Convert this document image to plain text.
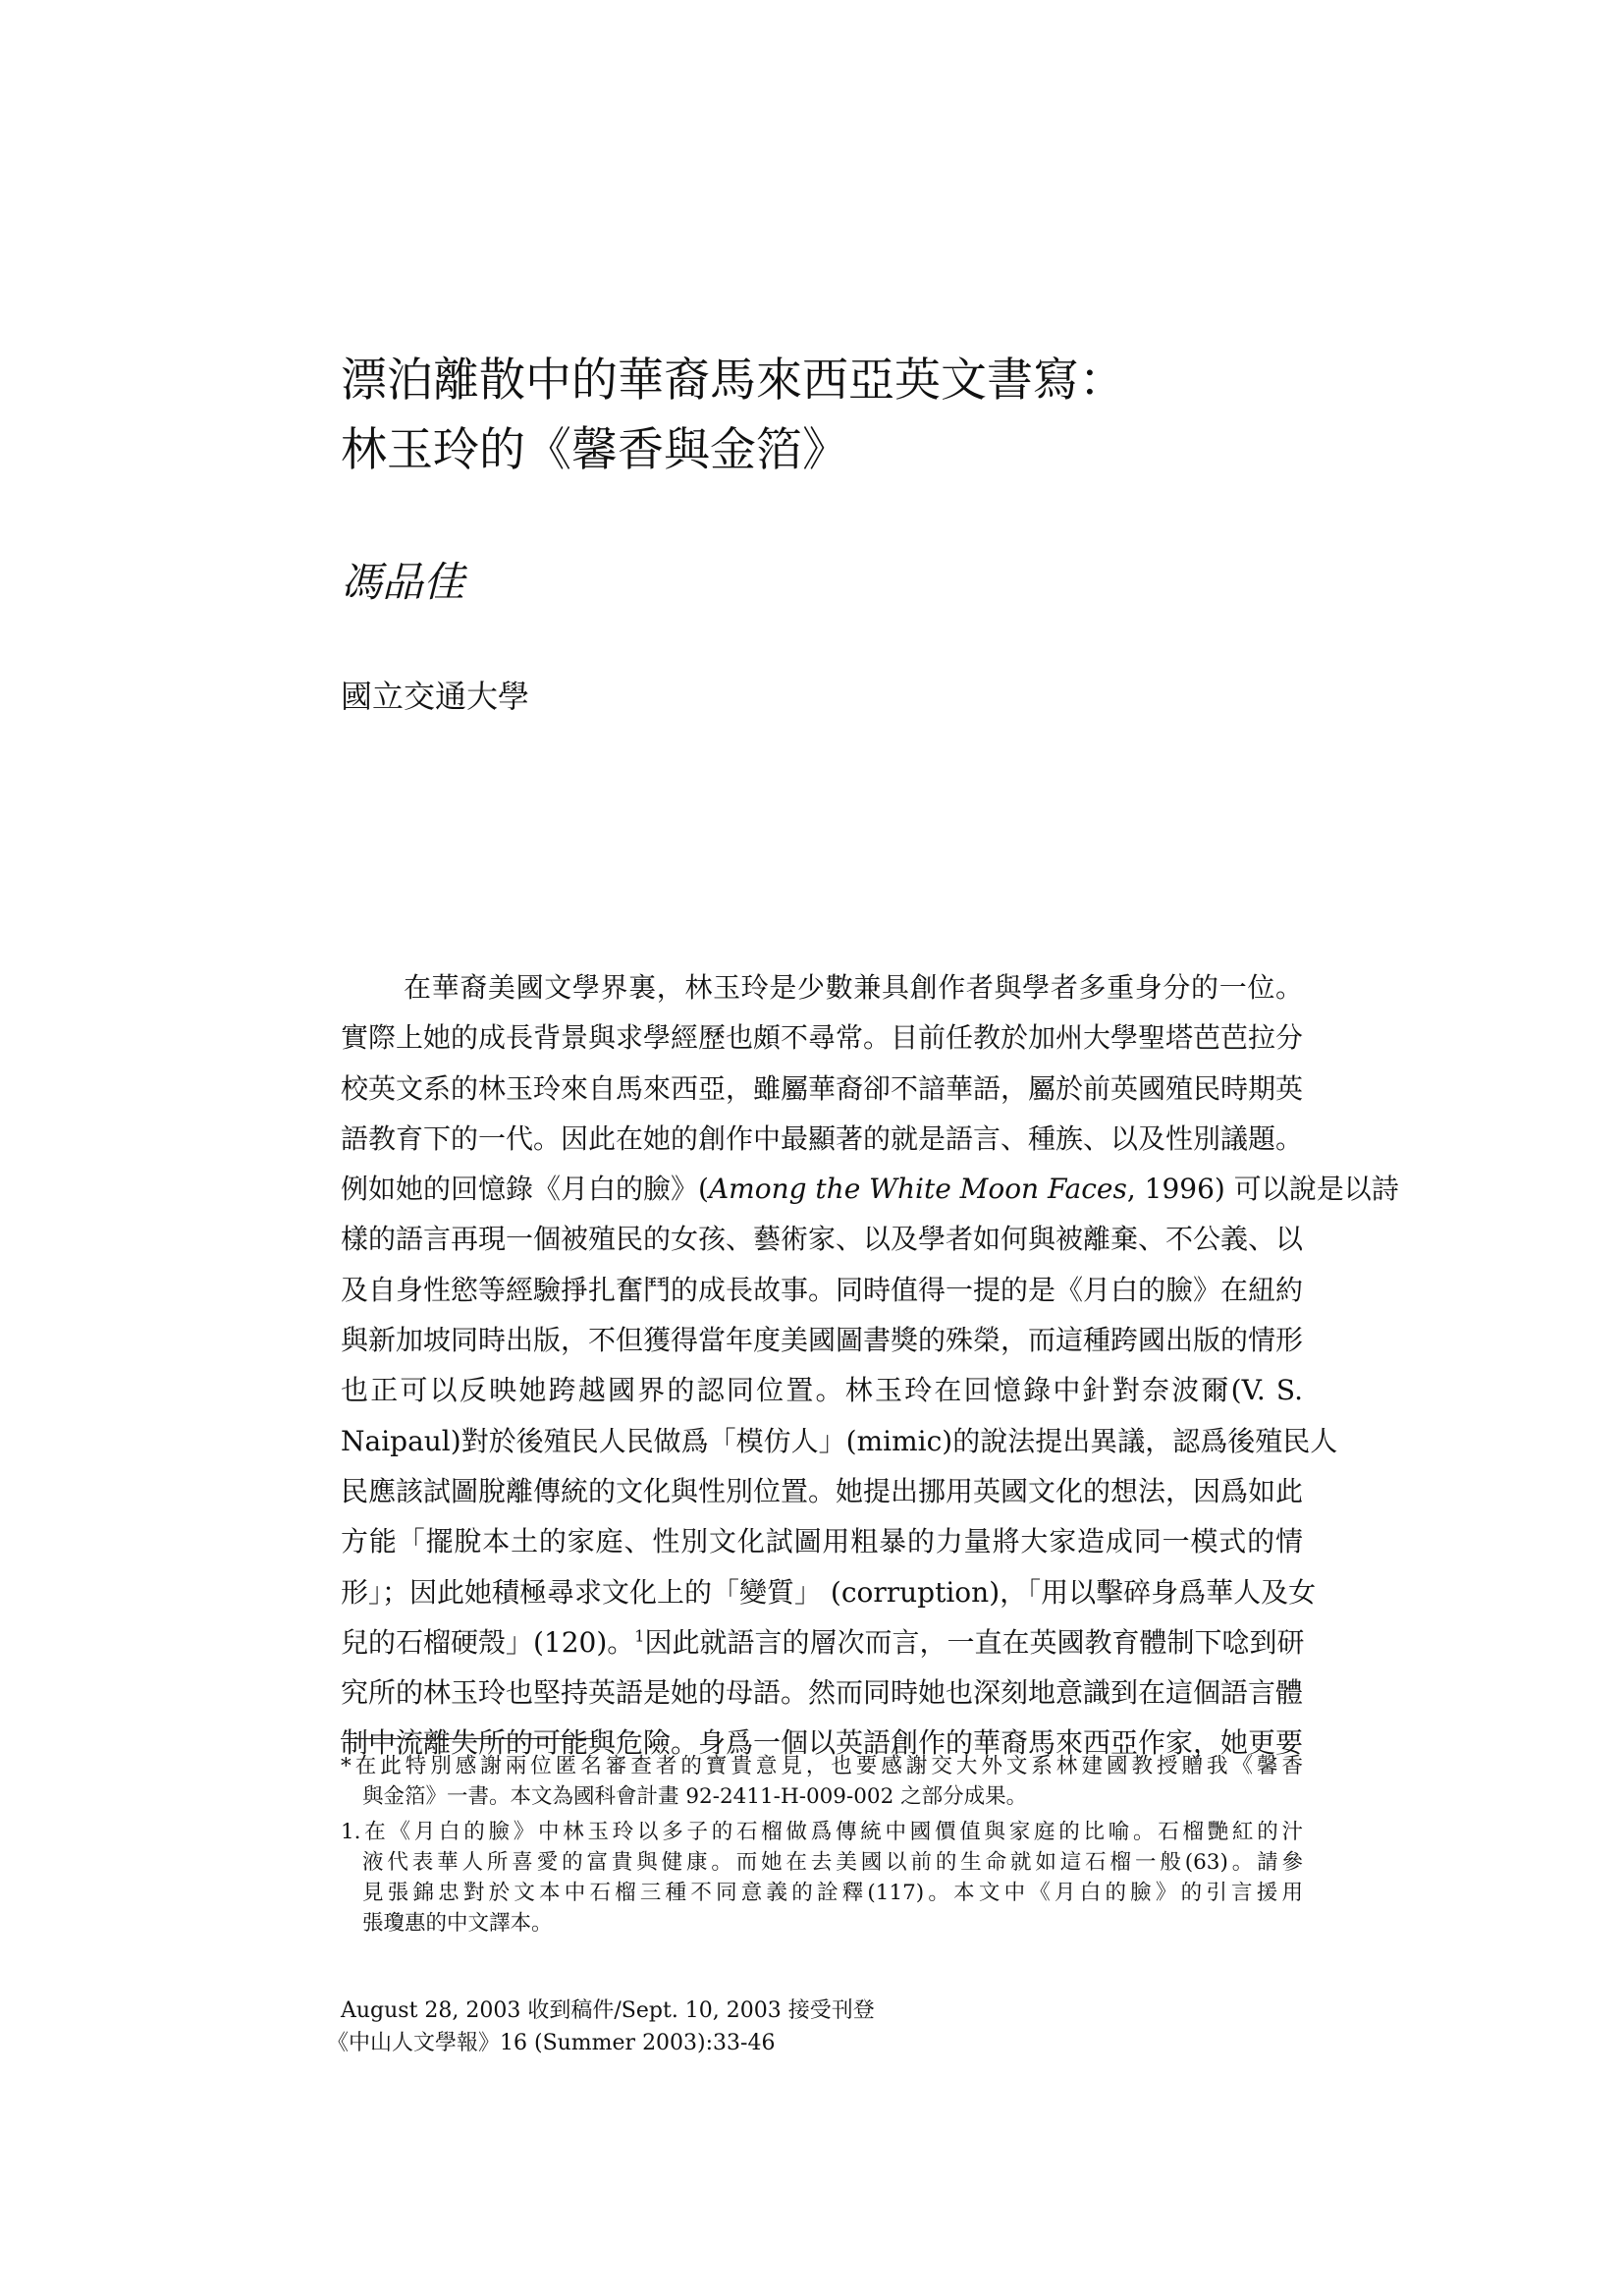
漂泊離散中的華裔馬來西亞英文書寫：
林玉玲的《馨香與金箔》

馮品佳

國立交通大學

在華裔美國文學界裏，林玉玲是少數兼具創作者與學者多重身分的一位。
實際上她的成長背景與求學經歷也頗不尋常。目前任教於加州大學聖塔芭芭拉分
校英文系的林玉玲來自馬來西亞，雖屬華裔卻不諳華語，屬於前英國殖民時期英
語教育下的一代。因此在她的創作中最顯著的就是語言、種族、以及性別議題。
例如她的回憶錄《月白的臉》(Among the White Moon Faces, 1996) 可以說是以詩
樣的語言再現一個被殖民的女孩、藝術家、以及學者如何與被離棄、不公義、以
及自身性慾等經驗掙扎奮鬥的成長故事。同時值得一提的是《月白的臉》在紐約
與新加坡同時出版，不但獲得當年度美國圖書獎的殊榮，而這種跨國出版的情形
也正可以反映她跨越國界的認同位置。林玉玲在回憶錄中針對奈波爾(V. S.
Naipaul)對於後殖民人民做爲「模仿人」(mimic)的說法提出異議，認爲後殖民人
民應該試圖脫離傳統的文化與性別位置。她提出挪用英國文化的想法，因爲如此
方能「擺脫本土的家庭、性別文化試圖用粗暴的力量將大家造成同一模式的情
形」；因此她積極尋求文化上的「變質」 (corruption)，「用以擊碎身爲華人及女
兒的石榴硬殼」(120)。$^1$因此就語言的層次而言，一直在英國教育體制下唸到研
究所的林玉玲也堅持英語是她的母語。然而同時她也深刻地意識到在這個語言體
制中流離失所的可能與危險。身爲一個以英語創作的華裔馬來西亞作家，她更要
*在此特別感謝兩位匿名審查者的寶貴意見，也要感謝交大外文系林建國教授贈我《馨香
與金箔》一書。本文為國科會計畫 92-2411-H-009-002 之部分成果。
1.在《月白的臉》中林玉玲以多子的石榴做爲傳統中國價值與家庭的比喻。石榴艷紅的汁
液代表華人所喜愛的富貴與健康。而她在去美國以前的生命就如這石榴一般(63)。請參
見張錦忠對於文本中石榴三種不同意義的詮釋(117)。本文中《月白的臉》的引言援用
張瓊惠的中文譯本。
August 28, 2003 收到稿件/Sept. 10, 2003 接受刊登
《中山人文學報》16 (Summer 2003):33-46
